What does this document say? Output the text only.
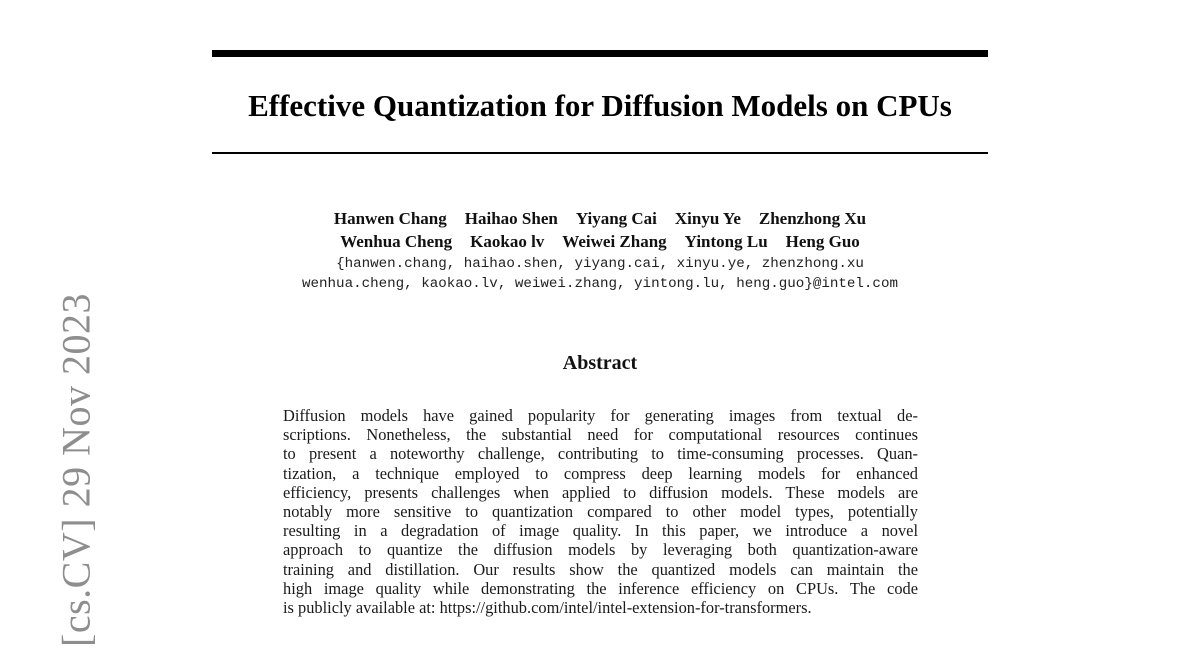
[cs.CV] 29 Nov 2023
Effective Quantization for Diffusion Models on CPUs
Hanwen Chang Haihao Shen Yiyang Cai Xinyu Ye Zhenzhong Xu
Wenhua Cheng Kaokao lv Weiwei Zhang Yintong Lu Heng Guo
{hanwen.chang, haihao.shen, yiyang.cai, xinyu.ye, zhenzhong.xu
wenhua.cheng, kaokao.lv, weiwei.zhang, yintong.lu, heng.guo}@intel.com
Abstract
Diffusion models have gained popularity for generating images from textual de-
scriptions. Nonetheless, the substantial need for computational resources continues
to present a noteworthy challenge, contributing to time-consuming processes. Quan-
tization, a technique employed to compress deep learning models for enhanced
efficiency, presents challenges when applied to diffusion models. These models are
notably more sensitive to quantization compared to other model types, potentially
resulting in a degradation of image quality. In this paper, we introduce a novel
approach to quantize the diffusion models by leveraging both quantization-aware
training and distillation. Our results show the quantized models can maintain the
high image quality while demonstrating the inference efficiency on CPUs. The code
is publicly available at: https://github.com/intel/intel-extension-for-transformers.
